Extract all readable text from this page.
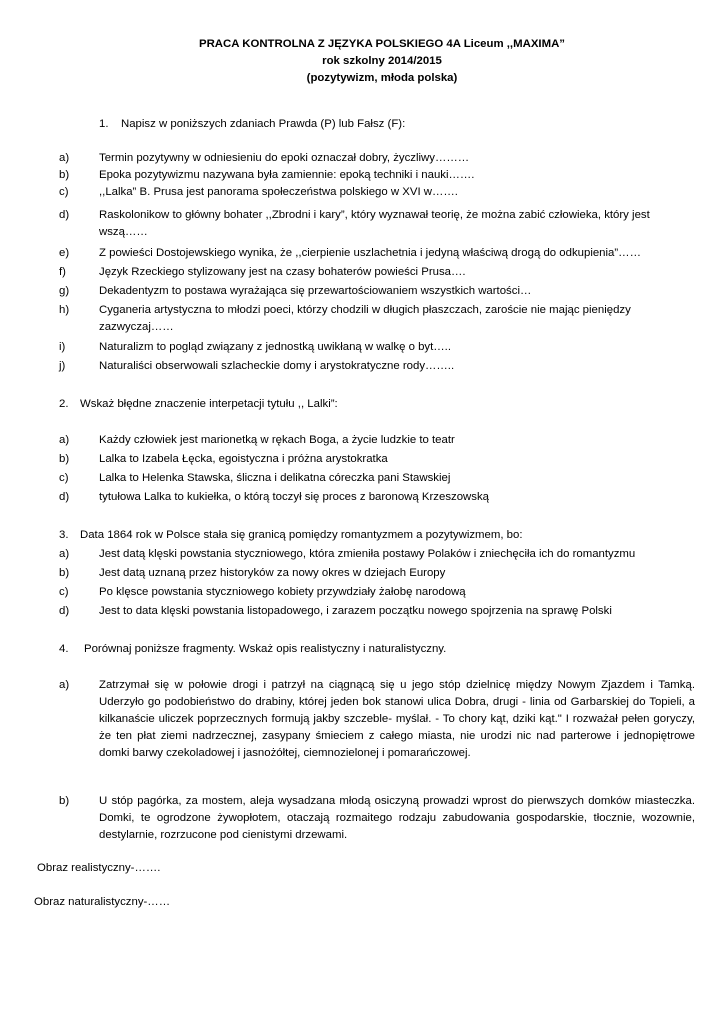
PRACA KONTROLNA Z JĘZYKA POLSKIEGO 4A Liceum ,,MAXIMA”
rok szkolny 2014/2015
(pozytywizm, młoda polska)
1. Napisz w poniższych zdaniach Prawda (P) lub Fałsz (F):
a)	Termin pozytywny w odniesieniu do epoki oznaczał dobry, życzliwy………
b)	Epoka pozytywizmu nazywana była zamiennie: epoką techniki i nauki…….
c)	,,Lalka” B. Prusa jest panorama społeczeństwa polskiego w XVI w…….
d)	Raskolonikow to główny bohater ,,Zbrodni i kary”, który wyznawał teorię, że można zabić człowieka, który jest wszą……
e)	Z powieści Dostojewskiego wynika, że ,,cierpienie uszlachetnia i jedyną właściwą drogą do odkupienia”……
f)	Język Rzeckiego stylizowany jest na czasy bohaterów powieści Prusa….
g)	Dekadentyzm to postawa wyrażająca się przewartościowaniem wszystkich wartości…
h)	Cyganeria artystyczna to młodzi poeci, którzy chodzili w długich płaszczach, zaroście nie mając pieniędzy zazwyczaj……
i)	Naturalizm to pogląd związany z jednostką uwikłaną w walkę o byt…..
j)	Naturaliści obserwowali szlacheckie domy i arystokratyczne rody……..
2. Wskaż błędne znaczenie interpetacji tytułu ,, Lalki”:
a)	Każdy człowiek jest marionetką w rękach Boga, a życie ludzkie to teatr
b)	Lalka to Izabela Łęcka, egoistyczna i próżna arystokratka
c)	Lalka to Helenka Stawska, śliczna i delikatna córeczka pani Stawskiej
d)	tytułowa Lalka to kukiełka, o którą toczył się proces z baronową Krzeszowską
3. Data 1864 rok w Polsce stała się granicą pomiędzy romantyzmem a pozytywizmem, bo:
a)	Jest datą klęski powstania styczniowego, która zmieniła postawy Polaków i zniechęciła ich do romantyzmu
b)	Jest datą uznaną przez historyków za nowy okres w dziejach Europy
c)	Po klęsce powstania styczniowego kobiety przywdziały żałobę narodową
d)	Jest to data klęski powstania listopadowego, i zarazem początku nowego spojrzenia na sprawę Polski
4. Porównaj poniższe fragmenty. Wskaż opis realistyczny i naturalistyczny.
a)	Zatrzymał się w połowie drogi i patrzył na ciągnącą się u jego stóp dzielnicę między Nowym Zjazdem i Tamką. Uderzyło go podobieństwo do drabiny, której jeden bok stanowi ulica Dobra, drugi - linia od Garbarskiej do Topieli, a kilkanaście uliczek poprzecznych formują jakby szczeble- myślał. - To chory kąt, dziki kąt." I rozważał pełen goryczy, że ten płat ziemi nadrzecznej, zasypany śmieciem z całego miasta, nie urodzi nic nad parterowe i jednopiętrowe domki barwy czekoladowej i jasnożółtej, ciemnozielonej i pomarańczowej.
b)	U stóp pagórka, za mostem, aleja wysadzana młodą osiczyną prowadzi wprost do pierwszych domków miasteczka. Domki, te ogrodzone żywopłotem, otaczają rozmaitego rodzaju zabudowania gospodarskie, tłocznie, wozownie, destylarnie, rozrzucone pod cienistymi drzewami.
Obraz realistyczny-…….
Obraz naturalistyczny-……
